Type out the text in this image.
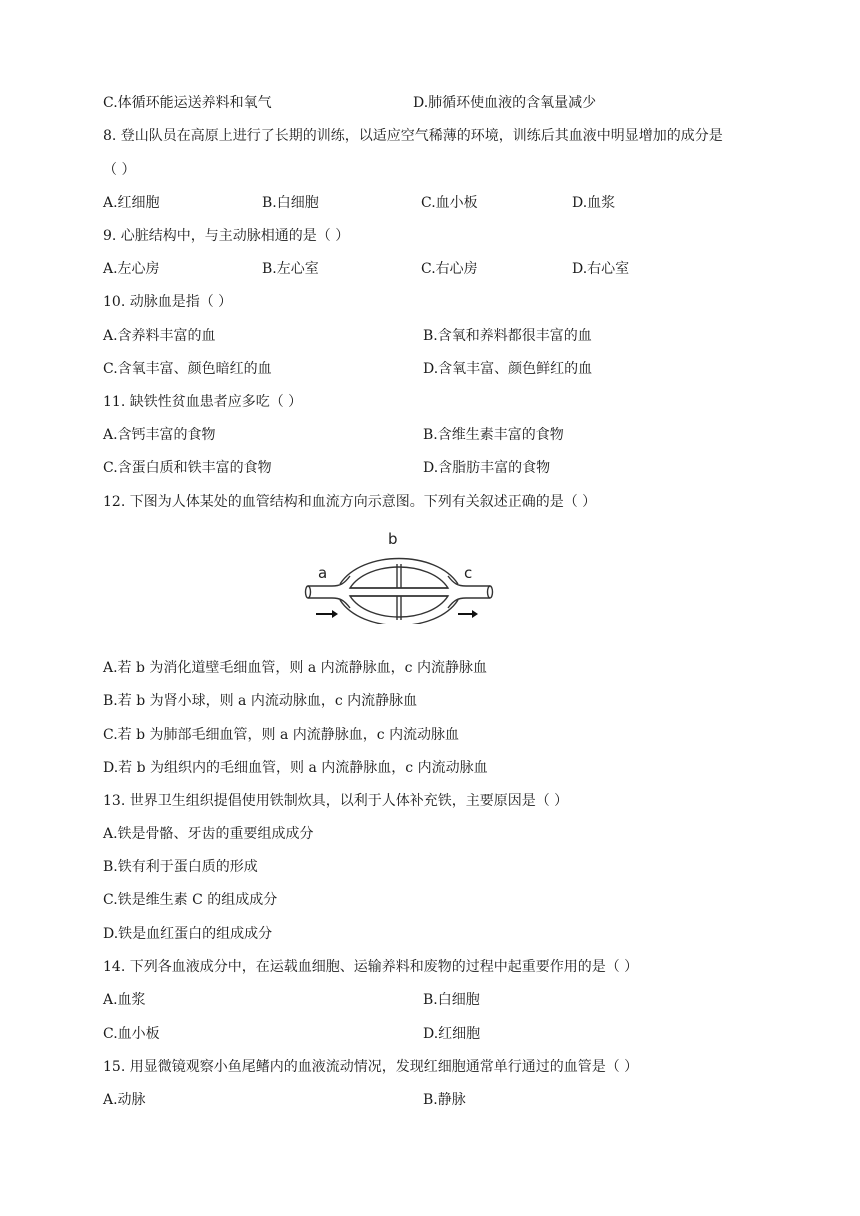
C.体循环能运送养料和氧气	D.肺循环使血液的含氧量减少
8. 登山队员在高原上进行了长期的训练，以适应空气稀薄的环境，训练后其血液中明显增加的成分是
（ ）
A.红细胞	B.白细胞	C.血小板	D.血浆
9. 心脏结构中，与主动脉相通的是（ ）
A.左心房	B.左心室	C.右心房	D.右心室
10. 动脉血是指（ ）
A.含养料丰富的血	B.含氧和养料都很丰富的血
C.含氧丰富、颜色暗红的血	D.含氧丰富、颜色鲜红的血
11. 缺铁性贫血患者应多吃（ ）
A.含钙丰富的食物	B.含维生素丰富的食物
C.含蛋白质和铁丰富的食物	D.含脂肪丰富的食物
12. 下图为人体某处的血管结构和血流方向示意图。下列有关叙述正确的是（ ）
b
a	c
A.若 b 为消化道壁毛细血管，则 a 内流静脉血，c 内流静脉血
B.若 b 为肾小球，则 a 内流动脉血，c 内流静脉血
C.若 b 为肺部毛细血管，则 a 内流静脉血，c 内流动脉血
D.若 b 为组织内的毛细血管，则 a 内流静脉血，c 内流动脉血
13. 世界卫生组织提倡使用铁制炊具，以利于人体补充铁，主要原因是（ ）
A.铁是骨骼、牙齿的重要组成成分
B.铁有利于蛋白质的形成
C.铁是维生素 C 的组成成分
D.铁是血红蛋白的组成成分
14. 下列各血液成分中，在运载血细胞、运输养料和废物的过程中起重要作用的是（ ）
A.血浆	B.白细胞
C.血小板	D.红细胞
15. 用显微镜观察小鱼尾鳍内的血液流动情况，发现红细胞通常单行通过的血管是（ ）
A.动脉	B.静脉
